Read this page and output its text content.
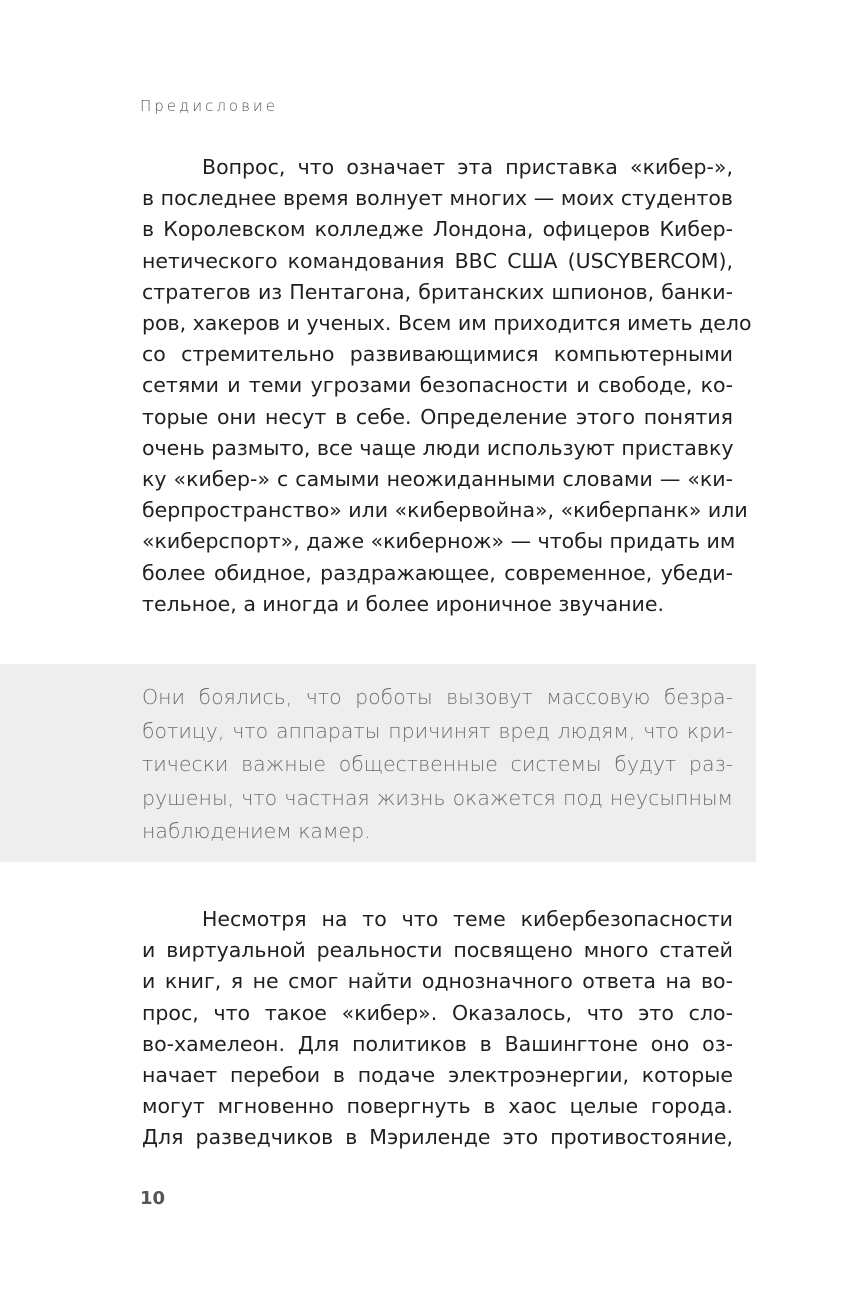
Предисловие
Вопрос, что означает эта приставка «кибер-»,
в последнее время волнует многих — моих студентов
в Королевском колледже Лондона, офицеров Кибер-
нетического командования ВВС США (USCYBERCOM),
стратегов из Пентагона, британских шпионов, банки-
ров, хакеров и ученых. Всем им приходится иметь дело
со стремительно развивающимися компьютерными
сетями и теми угрозами безопасности и свободе, ко-
торые они несут в себе. Определение этого понятия
очень размыто, все чаще люди используют приставку
ку «кибер-» с самыми неожиданными словами — «ки-
берпространство» или «кибервойна», «киберпанк» или
«киберспорт», даже «кибернож» — чтобы придать им
более обидное, раздражающее, современное, убеди-
тельное, а иногда и более ироничное звучание.
Они боялись, что роботы вызовут массовую безра-
ботицу, что аппараты причинят вред людям, что кри-
тически важные общественные системы будут раз-
рушены, что частная жизнь окажется под неусыпным
наблюдением камер.
Несмотря на то что теме кибербезопасности
и виртуальной реальности посвящено много статей
и книг, я не смог найти однозначного ответа на во-
прос, что такое «кибер». Оказалось, что это сло-
во-хамелеон. Для политиков в Вашингтоне оно оз-
начает перебои в подаче электроэнергии, которые
могут мгновенно повергнуть в хаос целые города.
Для разведчиков в Мэриленде это противостояние,
10
